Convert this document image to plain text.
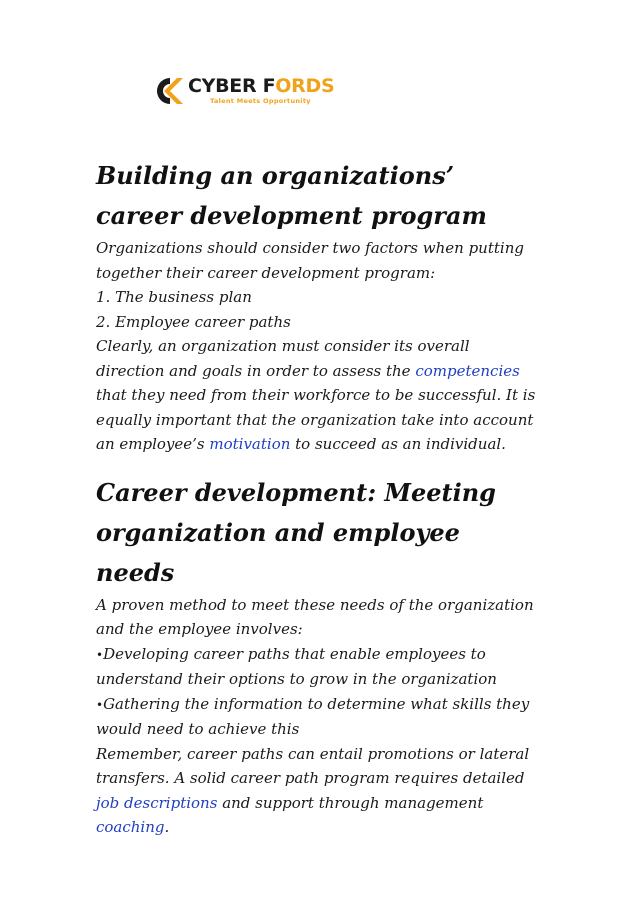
CYBER FORDS
Talent Meets Opportunity
Building an organizations’ career development program

Organizations should consider two factors when putting together their career development program:

1. The business plan

2. Employee career paths

Clearly, an organization must consider its overall direction and goals in order to assess the competencies that they need from their workforce to be successful. It is equally important that the organization take into account an employee’s motivation to succeed as an individual.

Career development: Meeting organization and employee needs

A proven method to meet these needs of the organization and the employee involves:

•Developing career paths that enable employees to understand their options to grow in the organization

•Gathering the information to determine what skills they would need to achieve this

Remember, career paths can entail promotions or lateral transfers. A solid career path program requires detailed job descriptions and support through management coaching.
